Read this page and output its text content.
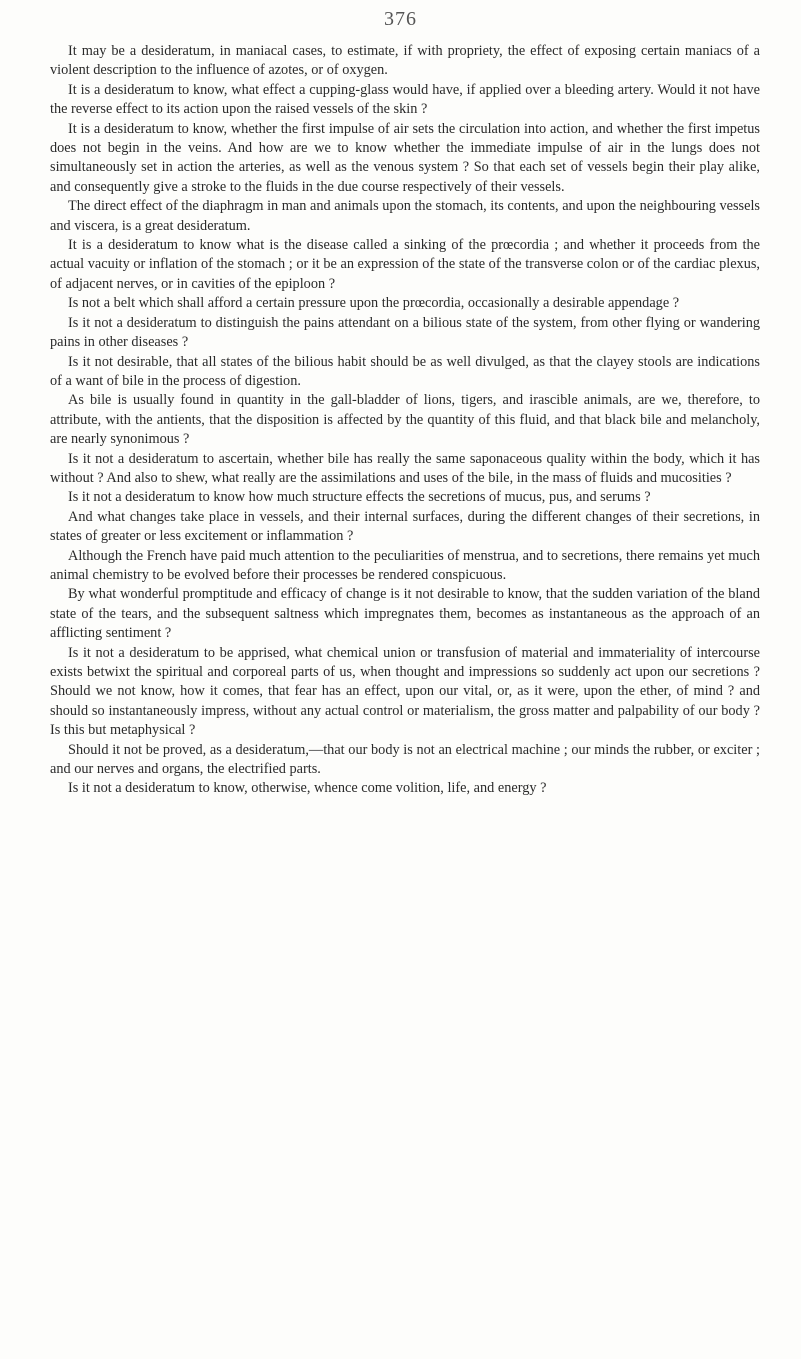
376

It may be a desideratum, in maniacal cases, to estimate, if with propriety, the effect of exposing certain maniacs of a violent description to the influence of azotes, or of oxygen.

It is a desideratum to know, what effect a cupping-glass would have, if applied over a bleeding artery. Would it not have the reverse effect to its action upon the raised vessels of the skin ?

It is a desideratum to know, whether the first impulse of air sets the circulation into action, and whether the first impetus does not begin in the veins. And how are we to know whether the immediate impulse of air in the lungs does not simultaneously set in action the arteries, as well as the venous system ? So that each set of vessels begin their play alike, and consequently give a stroke to the fluids in the due course respectively of their vessels.

The direct effect of the diaphragm in man and animals upon the stomach, its contents, and upon the neighbouring vessels and viscera, is a great desideratum.

It is a desideratum to know what is the disease called a sinking of the prœcordia ; and whether it proceeds from the actual vacuity or inflation of the stomach ; or it be an expression of the state of the transverse colon or of the cardiac plexus, of adjacent nerves, or in cavities of the epiploon ?

Is not a belt which shall afford a certain pressure upon the prœcordia, occasionally a desirable appendage ?

Is it not a desideratum to distinguish the pains attendant on a bilious state of the system, from other flying or wandering pains in other diseases ?

Is it not desirable, that all states of the bilious habit should be as well divulged, as that the clayey stools are indications of a want of bile in the process of digestion.

As bile is usually found in quantity in the gall-bladder of lions, tigers, and irascible animals, are we, therefore, to attribute, with the antients, that the disposition is affected by the quantity of this fluid, and that black bile and melancholy, are nearly synonimous ?

Is it not a desideratum to ascertain, whether bile has really the same saponaceous quality within the body, which it has without ? And also to shew, what really are the assimilations and uses of the bile, in the mass of fluids and mucosities ?

Is it not a desideratum to know how much structure effects the secretions of mucus, pus, and serums ?

And what changes take place in vessels, and their internal surfaces, during the different changes of their secretions, in states of greater or less excitement or inflammation ?

Although the French have paid much attention to the peculiarities of menstrua, and to secretions, there remains yet much animal chemistry to be evolved before their processes be rendered conspicuous.

By what wonderful promptitude and efficacy of change is it not desirable to know, that the sudden variation of the bland state of the tears, and the subsequent saltness which impregnates them, becomes as instantaneous as the approach of an afflicting sentiment ?

Is it not a desideratum to be apprised, what chemical union or transfusion of material and immateriality of intercourse exists betwixt the spiritual and corporeal parts of us, when thought and impressions so suddenly act upon our secretions ? Should we not know, how it comes, that fear has an effect, upon our vital, or, as it were, upon the ether, of mind ? and should so instantaneously impress, without any actual control or materialism, the gross matter and palpability of our body ? Is this but metaphysical ?

Should it not be proved, as a desideratum,—that our body is not an electrical machine ; our minds the rubber, or exciter ; and our nerves and organs, the electrified parts.

Is it not a desideratum to know, otherwise, whence come volition, life, and energy ?
